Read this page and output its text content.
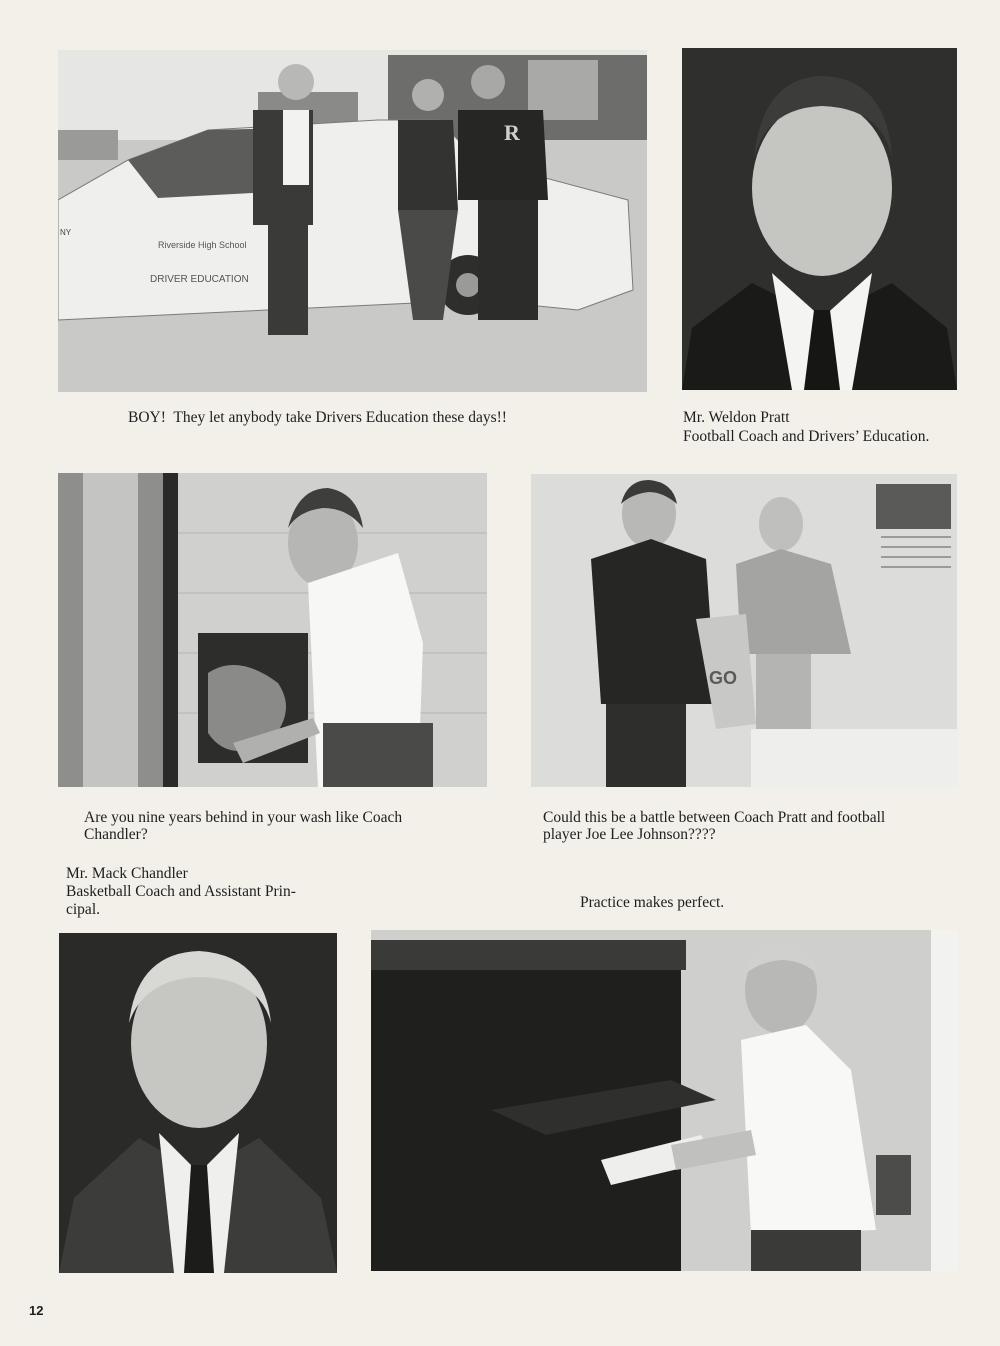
Riverside High School
DRIVER EDUCATION
NY
R
BOY!  They let anybody take Drivers Education these days!!	Mr. Weldon Pratt
Football Coach and Drivers’ Education.
GO
Are you nine years behind in your wash like Coach
Chandler?
Could this be a battle between Coach Pratt and football
player Joe Lee Johnson????
Mr. Mack Chandler
Basketball Coach and Assistant Prin-
cipal.	Practice makes perfect.
12
